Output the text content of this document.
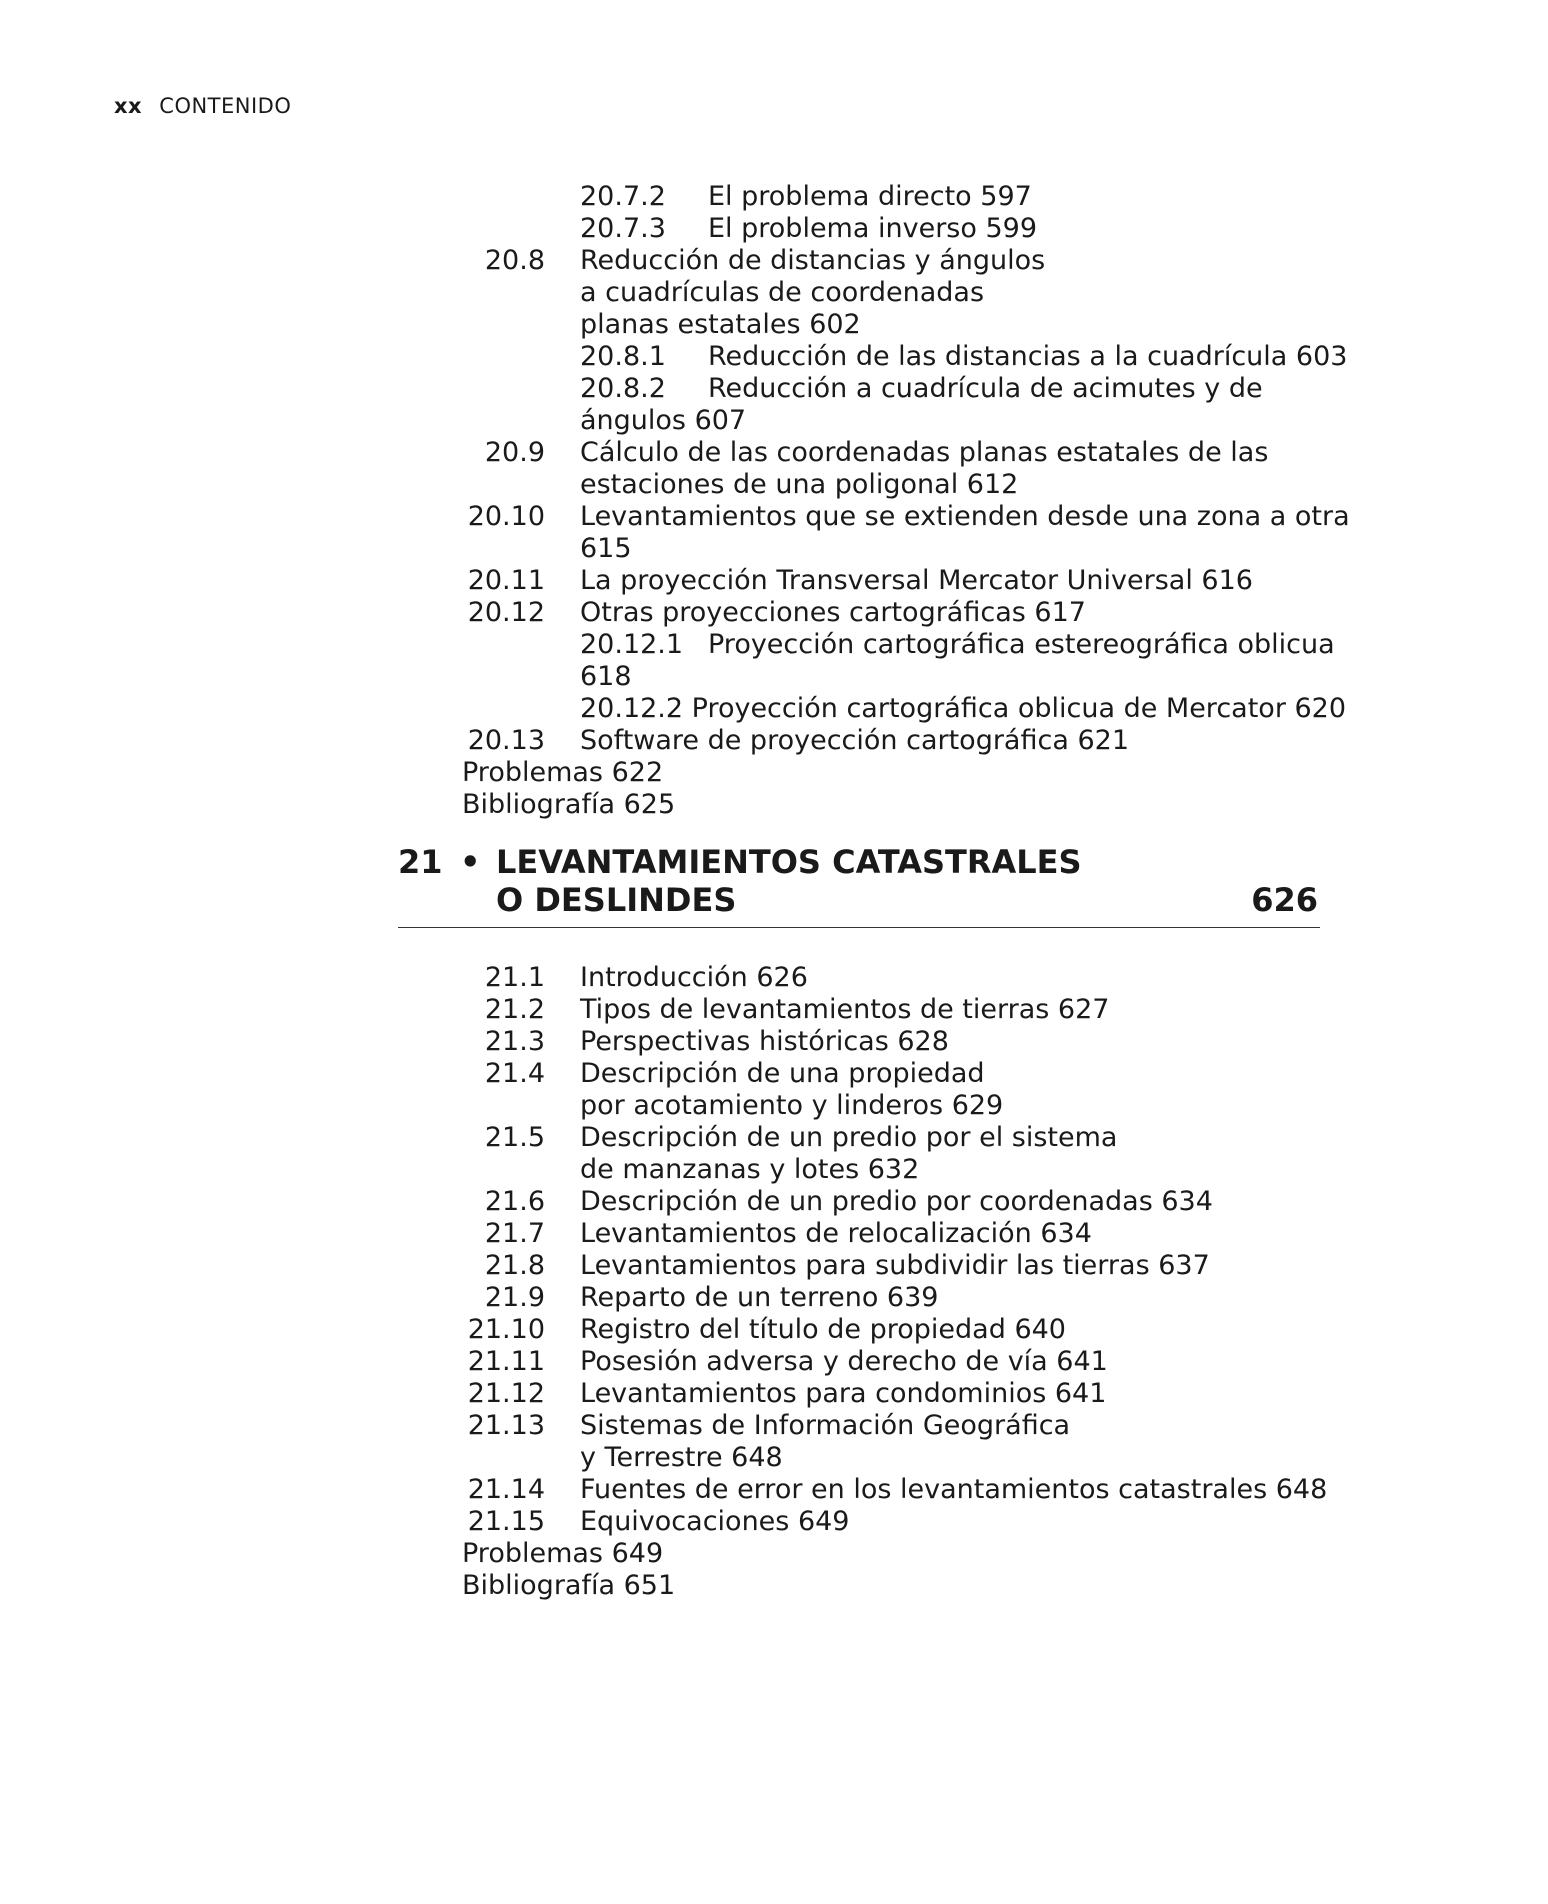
xx CONTENIDO
20.7.2 El problema directo 597
20.7.3 El problema inverso 599
20.8 Reducción de distancias y ángulos
a cuadrículas de coordenadas
planas estatales 602
20.8.1 Reducción de las distancias a la cuadrícula 603
20.8.2 Reducción a cuadrícula de acimutes y de
ángulos 607
20.9 Cálculo de las coordenadas planas estatales de las
estaciones de una poligonal 612
20.10 Levantamientos que se extienden desde una zona a otra
615
20.11 La proyección Transversal Mercator Universal 616
20.12 Otras proyecciones cartográficas 617
20.12.1 Proyección cartográfica estereográfica oblicua
618
20.12.2 Proyección cartográfica oblicua de Mercator 620
20.13 Software de proyección cartográfica 621
Problemas 622
Bibliografía 625
21 • LEVANTAMIENTOS CATASTRALES
O DESLINDES	626
21.1 Introducción 626
21.2 Tipos de levantamientos de tierras 627
21.3 Perspectivas históricas 628
21.4 Descripción de una propiedad
por acotamiento y linderos 629
21.5 Descripción de un predio por el sistema
de manzanas y lotes 632
21.6 Descripción de un predio por coordenadas 634
21.7 Levantamientos de relocalización 634
21.8 Levantamientos para subdividir las tierras 637
21.9 Reparto de un terreno 639
21.10 Registro del título de propiedad 640
21.11 Posesión adversa y derecho de vía 641
21.12 Levantamientos para condominios 641
21.13 Sistemas de Información Geográfica
y Terrestre 648
21.14 Fuentes de error en los levantamientos catastrales 648
21.15 Equivocaciones 649
Problemas 649
Bibliografía 651
